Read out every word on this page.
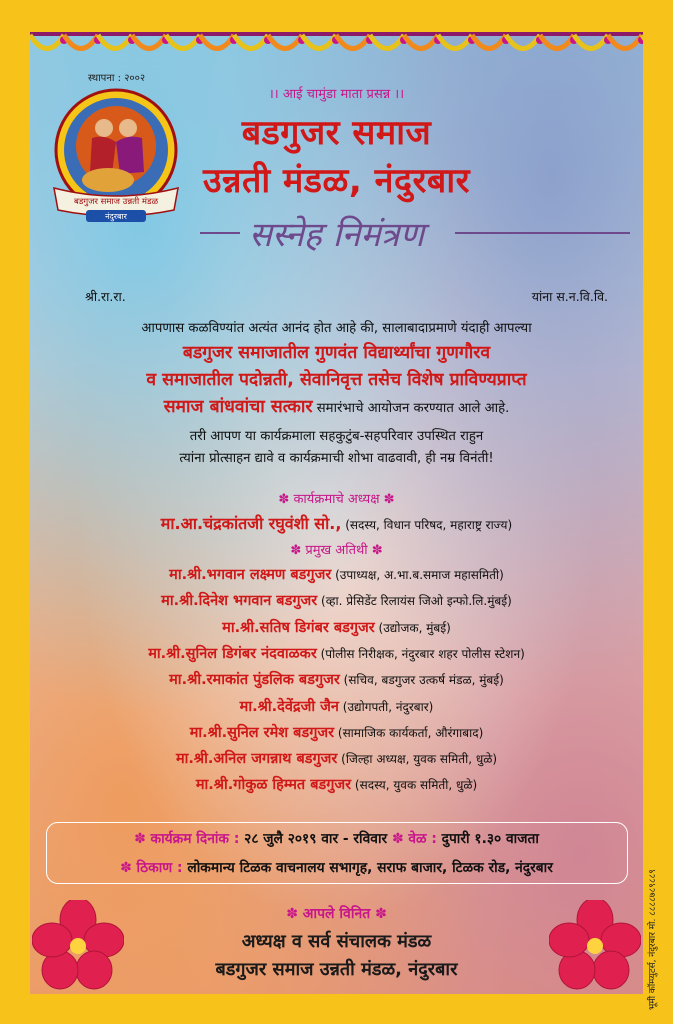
स्थापना : २००२
बडगुजर समाज उन्नती मंडळ
नंदुरबार
।। आई चामुंडा माता प्रसन्न ।।
बडगुजर समाज
उन्नती मंडळ, नंदुरबार
सस्नेह निमंत्रण
श्री.रा.रा.	यांना स.न.वि.वि.
आपणास कळविण्यांत अत्यंत आनंद होत आहे की, सालाबादाप्रमाणे यंदाही आपल्या
बडगुजर समाजातील गुणवंत विद्यार्थ्यांचा गुणगौरव
व समाजातील पदोन्नती, सेवानिवृत्त तसेच विशेष प्राविण्यप्राप्त
समाज बांधवांचा सत्कार समारंभाचे आयोजन करण्यात आले आहे.
तरी आपण या कार्यक्रमाला सहकुटुंब-सहपरिवार उपस्थित राहुन
त्यांना प्रोत्साहन द्यावे व कार्यक्रमाची शोभा वाढवावी, ही नम्र विनंती!
✽ कार्यक्रमाचे अध्यक्ष ✽
मा.आ.चंद्रकांतजी रघुवंशी सो., (सदस्य, विधान परिषद, महाराष्ट्र राज्य)
✽ प्रमुख अतिथी ✽
मा.श्री.भगवान लक्ष्मण बडगुजर (उपाध्यक्ष, अ.भा.ब.समाज महासमिती)
मा.श्री.दिनेश भगवान बडगुजर (व्हा. प्रेसिडेंट रिलायंस जिओ इन्फो.लि.मुंबई)
मा.श्री.सतिष डिगंबर बडगुजर (उद्योजक, मुंबई)
मा.श्री.सुनिल डिगंबर नंदवाळकर (पोलीस निरीक्षक, नंदुरबार शहर पोलीस स्टेशन)
मा.श्री.रमाकांत पुंडलिक बडगुजर (सचिव, बडगुजर उत्कर्ष मंडळ, मुंबई)
मा.श्री.देवेंद्रजी जैन (उद्योगपती, नंदुरबार)
मा.श्री.सुनिल रमेश बडगुजर (सामाजिक कार्यकर्ता, औरंगाबाद)
मा.श्री.अनिल जगन्नाथ बडगुजर (जिल्हा अध्यक्ष, युवक समिती, धुळे)
मा.श्री.गोकुळ हिम्मत बडगुजर (सदस्य, युवक समिती, धुळे)
✽ कार्यक्रम दिनांक : २८ जुलै २०१९ वार - रविवार ✽ वेळ : दुपारी १.३० वाजता
✽ ठिकाण : लोकमान्य टिळक वाचनालय सभागृह, सराफ बाजार, टिळक रोड, नंदुरबार
✽ आपले विनित ✽
अध्यक्ष व सर्व संचालक मंडळ
बडगुजर समाज उन्नती मंडळ, नंदुरबार	भूमी कॉम्प्युटर्स, नंदुरबार मो. ८८८८७८९८८९
